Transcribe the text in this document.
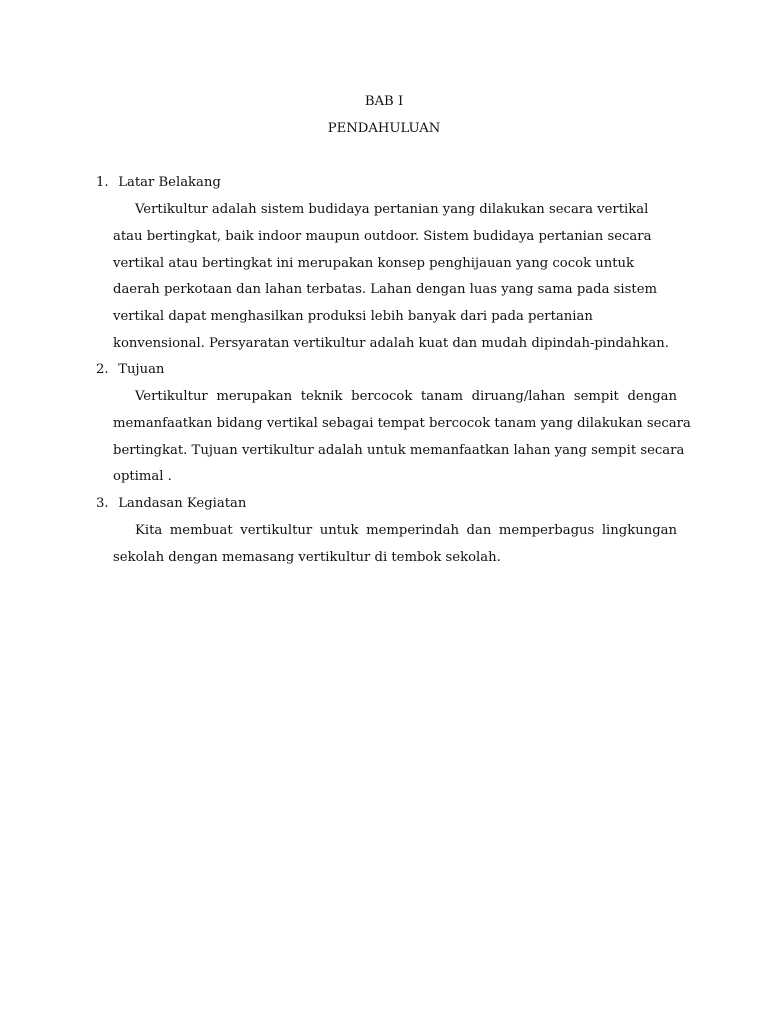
BAB I
PENDAHULUAN
1. Latar Belakang
Vertikultur adalah sistem budidaya pertanian yang dilakukan secara vertikal
atau bertingkat, baik indoor maupun outdoor. Sistem budidaya pertanian secara
vertikal atau bertingkat ini merupakan konsep penghijauan yang cocok untuk
daerah perkotaan dan lahan terbatas. Lahan dengan luas yang sama pada sistem
vertikal dapat menghasilkan produksi lebih banyak dari pada pertanian
konvensional. Persyaratan vertikultur adalah kuat dan mudah dipindah-pindahkan.
2. Tujuan
Vertikultur merupakan teknik bercocok tanam diruang/lahan sempit dengan
memanfaatkan bidang vertikal sebagai tempat bercocok tanam yang dilakukan secara
bertingkat. Tujuan vertikultur adalah untuk memanfaatkan lahan yang sempit secara
optimal .
3. Landasan Kegiatan
Kita membuat vertikultur untuk memperindah dan memperbagus lingkungan
sekolah dengan memasang vertikultur di tembok sekolah.
